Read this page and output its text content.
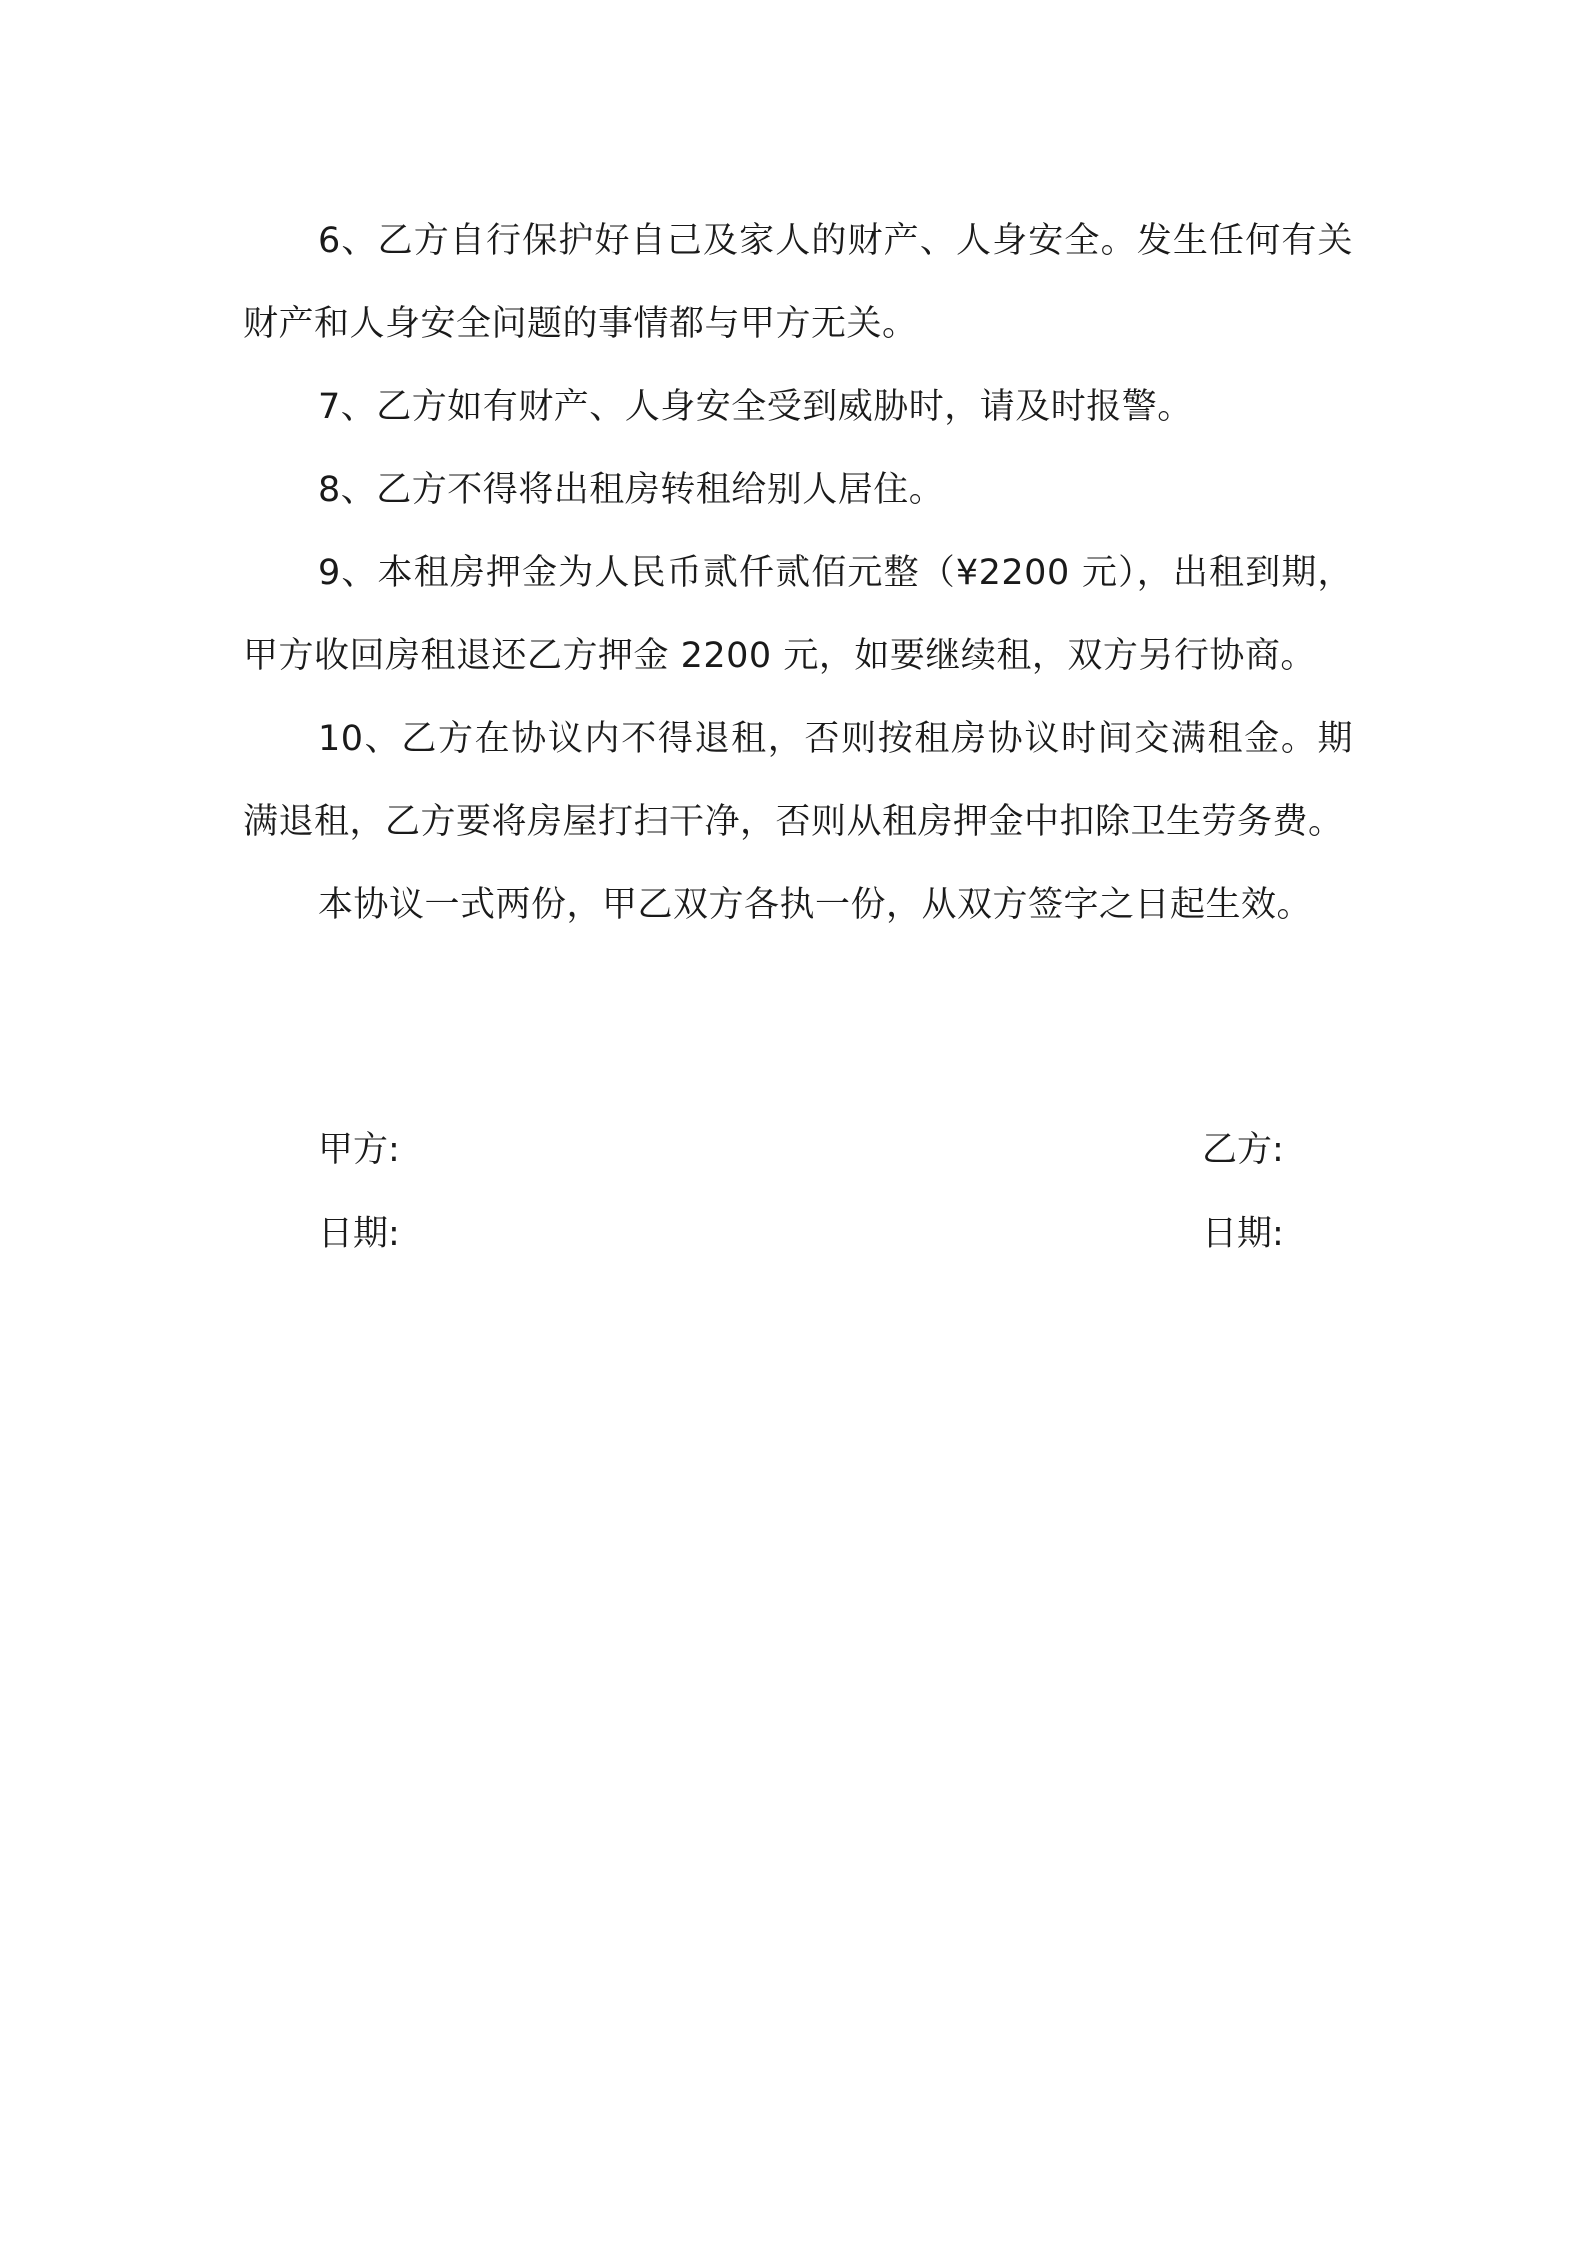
6、乙方自行保护好自己及家人的财产、人身安全。发生任何有关财产和人身安全问题的事情都与甲方无关。

7、乙方如有财产、人身安全受到威胁时，请及时报警。

8、乙方不得将出租房转租给别人居住。

9、本租房押金为人民币贰仟贰佰元整（¥2200 元），出租到期，甲方收回房租退还乙方押金 2200 元，如要继续租，双方另行协商。

10、乙方在协议内不得退租，否则按租房协议时间交满租金。期满退租，乙方要将房屋打扫干净，否则从租房押金中扣除卫生劳务费。

本协议一式两份，甲乙双方各执一份，从双方签字之日起生效。

甲方:	乙方:
日期:	日期:
